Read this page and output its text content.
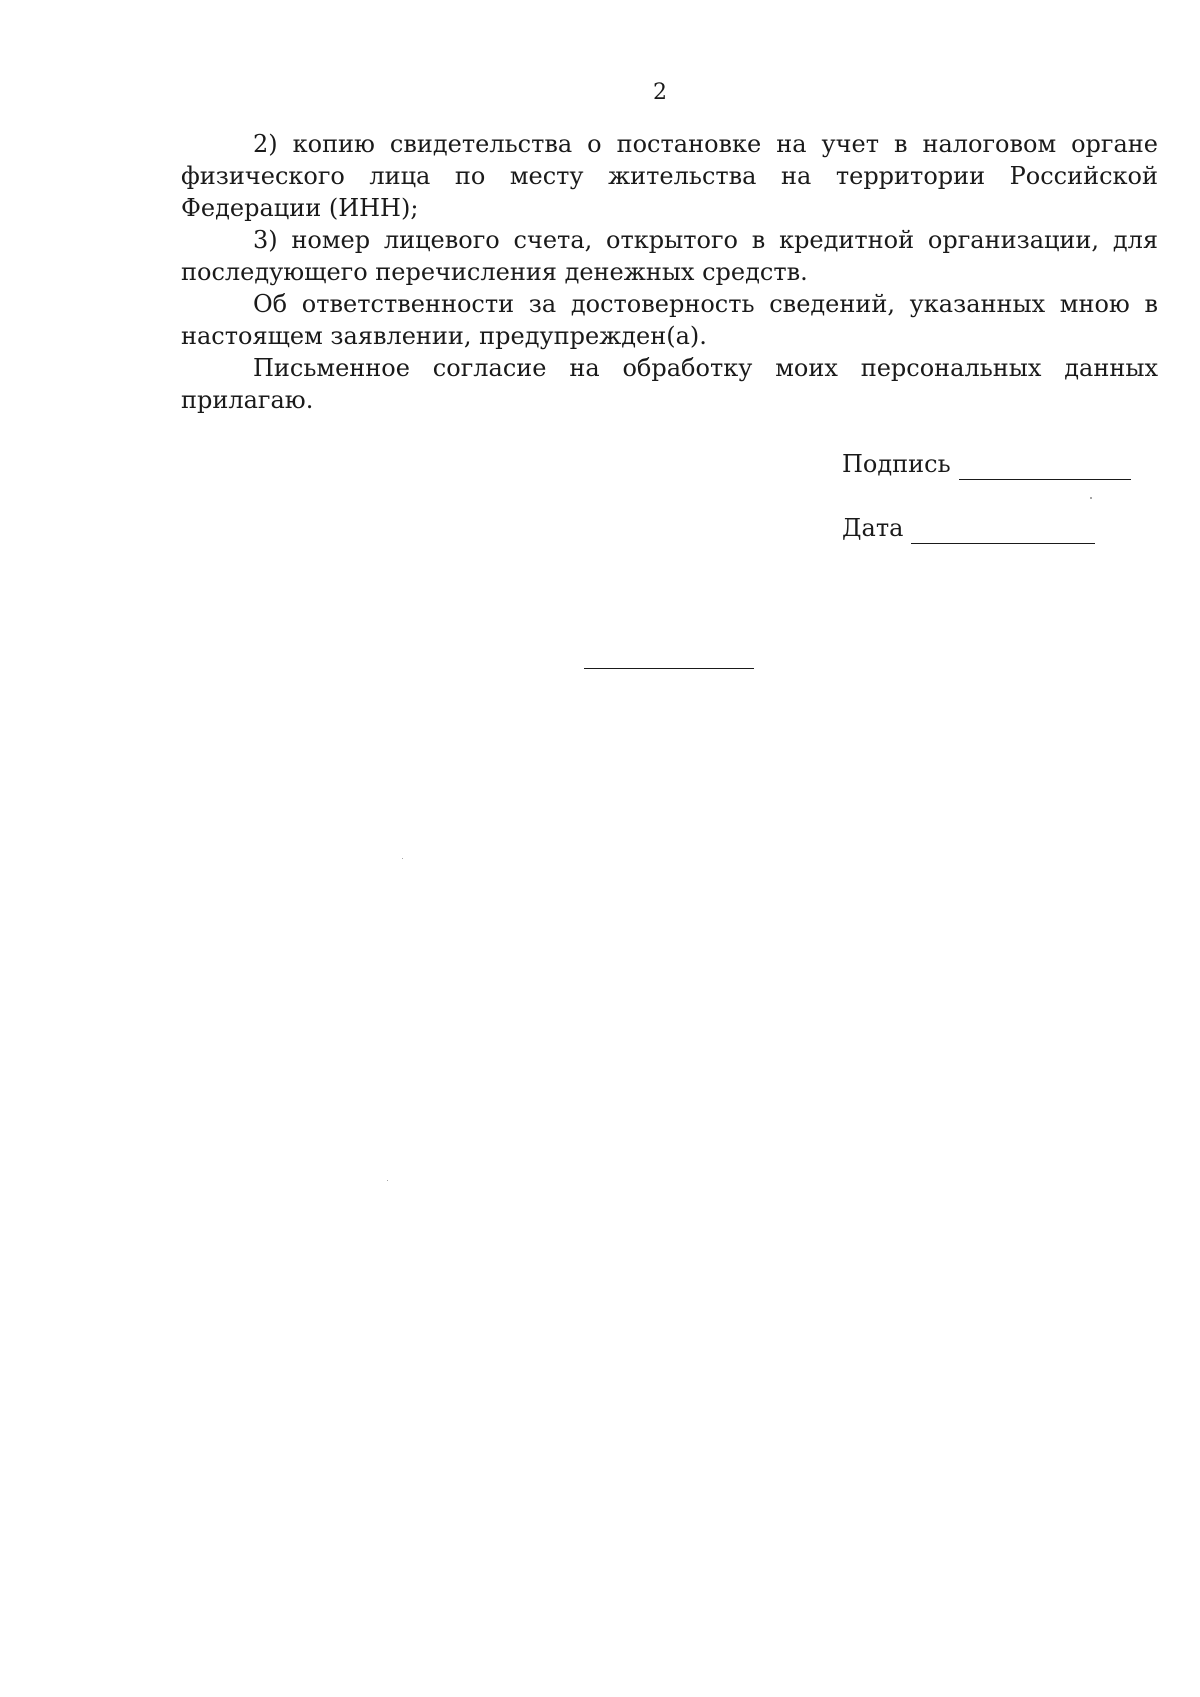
2

2) копию свидетельства о постановке на учет в налоговом органе физического лица по месту жительства на территории Российской Федерации (ИНН);

3) номер лицевого счета, открытого в кредитной организации, для последующего перечисления денежных средств.

Об ответственности за достоверность сведений, указанных мною в настоящем заявлении, предупрежден(а).

Письменное согласие на обработку моих персональных данных прилагаю.

Подпись
Дата
